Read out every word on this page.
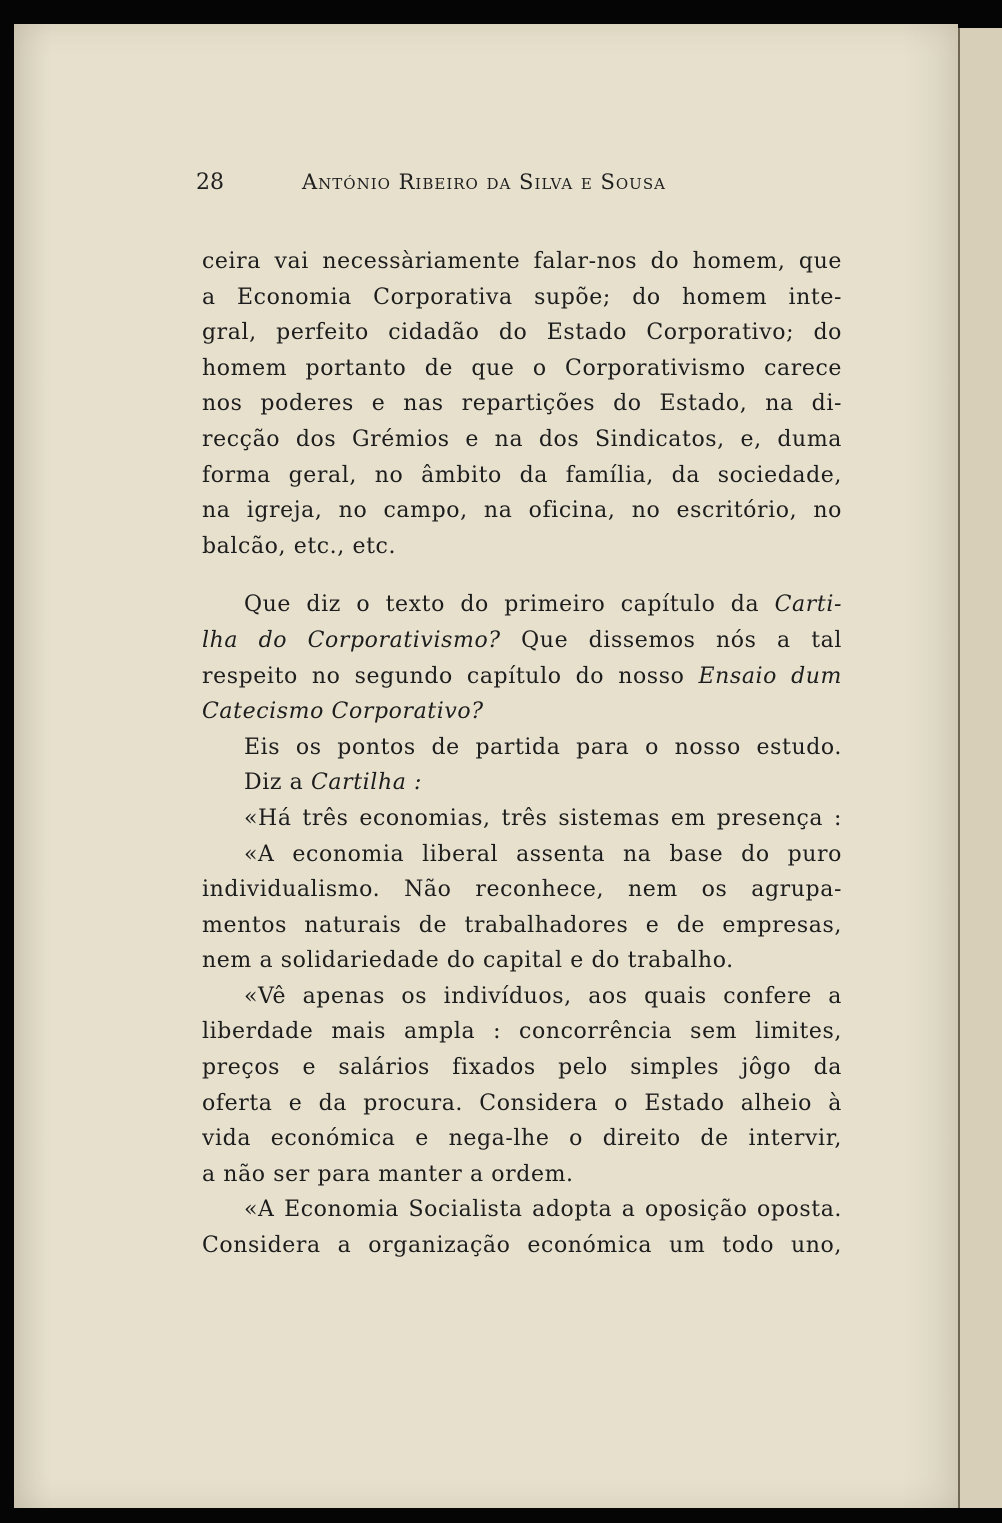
28	António Ribeiro da Silva e Sousa
ceira vai necessàriamente falar-nos do homem, que
a Economia Corporativa supõe; do homem inte-
gral, perfeito cidadão do Estado Corporativo; do
homem portanto de que o Corporativismo carece
nos poderes e nas repartições do Estado, na di-
recção dos Grémios e na dos Sindicatos, e, duma
forma geral, no âmbito da família, da sociedade,
na igreja, no campo, na oficina, no escritório, no
balcão, etc., etc.
Que diz o texto do primeiro capítulo da Carti-
lha do Corporativismo? Que dissemos nós a tal
respeito no segundo capítulo do nosso Ensaio dum
Catecismo Corporativo?
Eis os pontos de partida para o nosso estudo.
Diz a Cartilha :
«Há três economias, três sistemas em presença :
«A economia liberal assenta na base do puro
individualismo. Não reconhece, nem os agrupa-
mentos naturais de trabalhadores e de empresas,
nem a solidariedade do capital e do trabalho.
«Vê apenas os indivíduos, aos quais confere a
liberdade mais ampla : concorrência sem limites,
preços e salários fixados pelo simples jôgo da
oferta e da procura. Considera o Estado alheio à
vida económica e nega-lhe o direito de intervir,
a não ser para manter a ordem.
«A Economia Socialista adopta a oposição oposta.
Considera a organização económica um todo uno,
